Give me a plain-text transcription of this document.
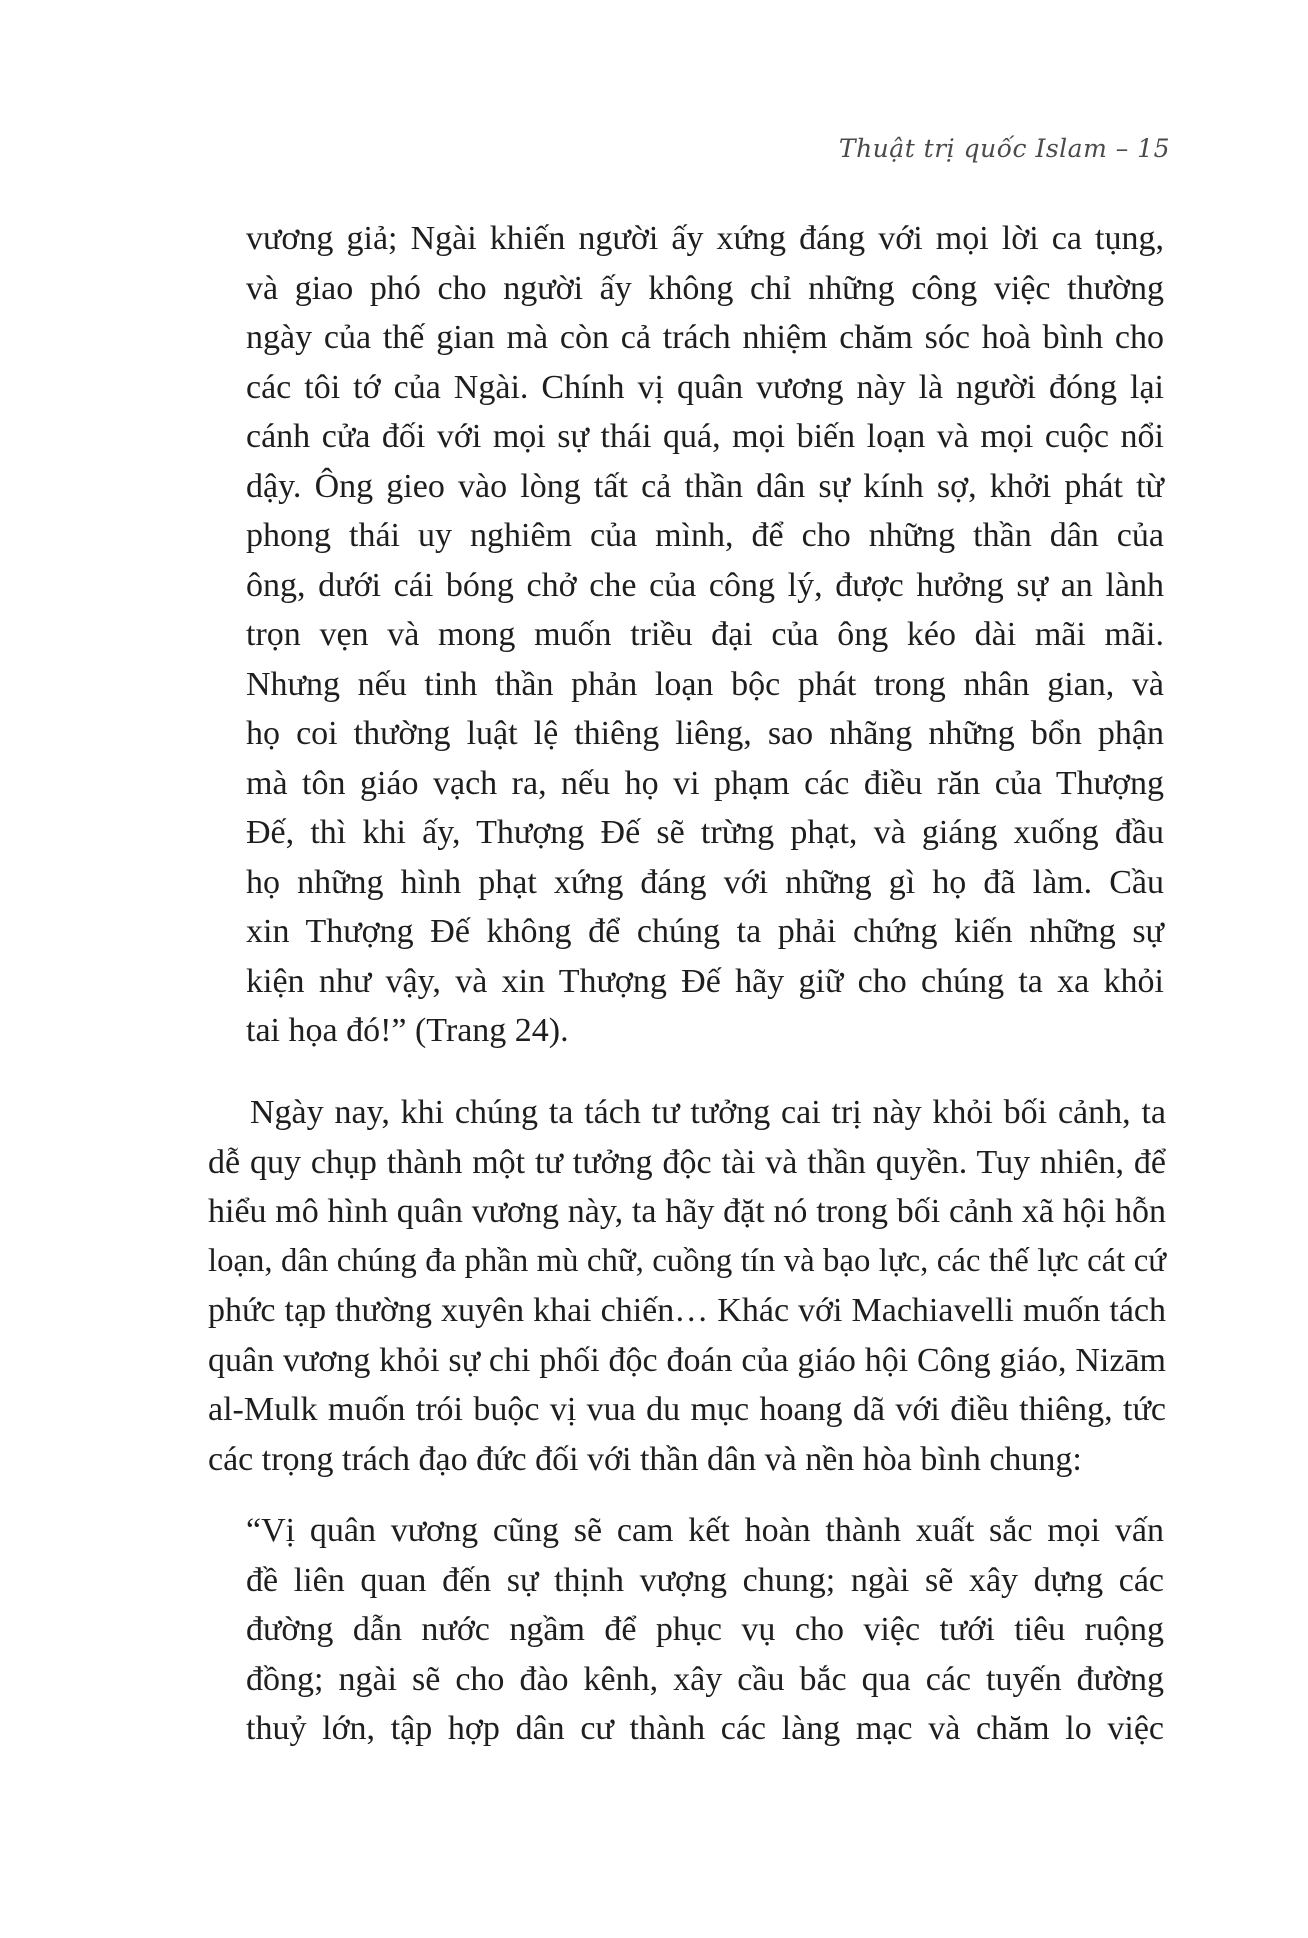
Thuật trị quốc Islam – 15
vương giả; Ngài khiến người ấy xứng đáng với mọi lời ca tụng,
và giao phó cho người ấy không chỉ những công việc thường
ngày của thế gian mà còn cả trách nhiệm chăm sóc hoà bình cho
các tôi tớ của Ngài. Chính vị quân vương này là người đóng lại
cánh cửa đối với mọi sự thái quá, mọi biến loạn và mọi cuộc nổi
dậy. Ông gieo vào lòng tất cả thần dân sự kính sợ, khởi phát từ
phong thái uy nghiêm của mình, để cho những thần dân của
ông, dưới cái bóng chở che của công lý, được hưởng sự an lành
trọn vẹn và mong muốn triều đại của ông kéo dài mãi mãi.
Nhưng nếu tinh thần phản loạn bộc phát trong nhân gian, và
họ coi thường luật lệ thiêng liêng, sao nhãng những bổn phận
mà tôn giáo vạch ra, nếu họ vi phạm các điều răn của Thượng
Đế, thì khi ấy, Thượng Đế sẽ trừng phạt, và giáng xuống đầu
họ những hình phạt xứng đáng với những gì họ đã làm. Cầu
xin Thượng Đế không để chúng ta phải chứng kiến những sự
kiện như vậy, và xin Thượng Đế hãy giữ cho chúng ta xa khỏi
tai họa đó!” (Trang 24).
Ngày nay, khi chúng ta tách tư tưởng cai trị này khỏi bối cảnh, ta
dễ quy chụp thành một tư tưởng độc tài và thần quyền. Tuy nhiên, để
hiểu mô hình quân vương này, ta hãy đặt nó trong bối cảnh xã hội hỗn
loạn, dân chúng đa phần mù chữ, cuồng tín và bạo lực, các thế lực cát cứ
phức tạp thường xuyên khai chiến… Khác với Machiavelli muốn tách
quân vương khỏi sự chi phối độc đoán của giáo hội Công giáo, Nizām
al-Mulk muốn trói buộc vị vua du mục hoang dã với điều thiêng, tức
các trọng trách đạo đức đối với thần dân và nền hòa bình chung:
“Vị quân vương cũng sẽ cam kết hoàn thành xuất sắc mọi vấn
đề liên quan đến sự thịnh vượng chung; ngài sẽ xây dựng các
đường dẫn nước ngầm để phục vụ cho việc tưới tiêu ruộng
đồng; ngài sẽ cho đào kênh, xây cầu bắc qua các tuyến đường
thuỷ lớn, tập hợp dân cư thành các làng mạc và chăm lo việc
